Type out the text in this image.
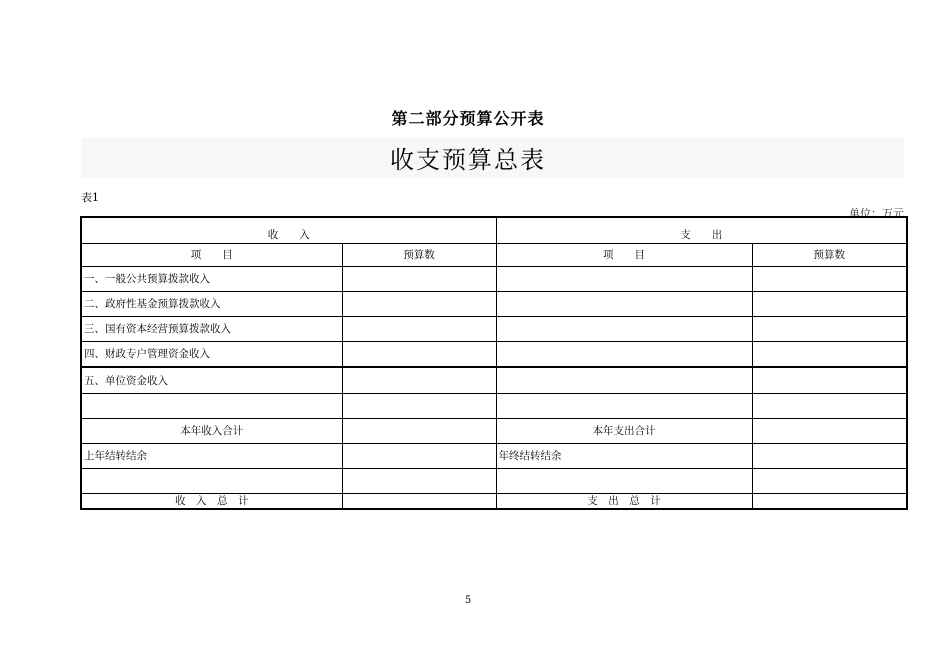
第二部分预算公开表
收支预算总表
表1
单位：万元
收　　入		支　　出	
项　　目	预算数	项　　目	预算数
一、一般公共预算拨款收入			
二、政府性基金预算拨款收入			
三、国有资本经营预算拨款收入			
四、财政专户管理资金收入			
五、单位资金收入			

本年收入合计		本年支出合计	
上年结转结余		年终结转结余	

收　入　总　计		支　出　总　计	
5
